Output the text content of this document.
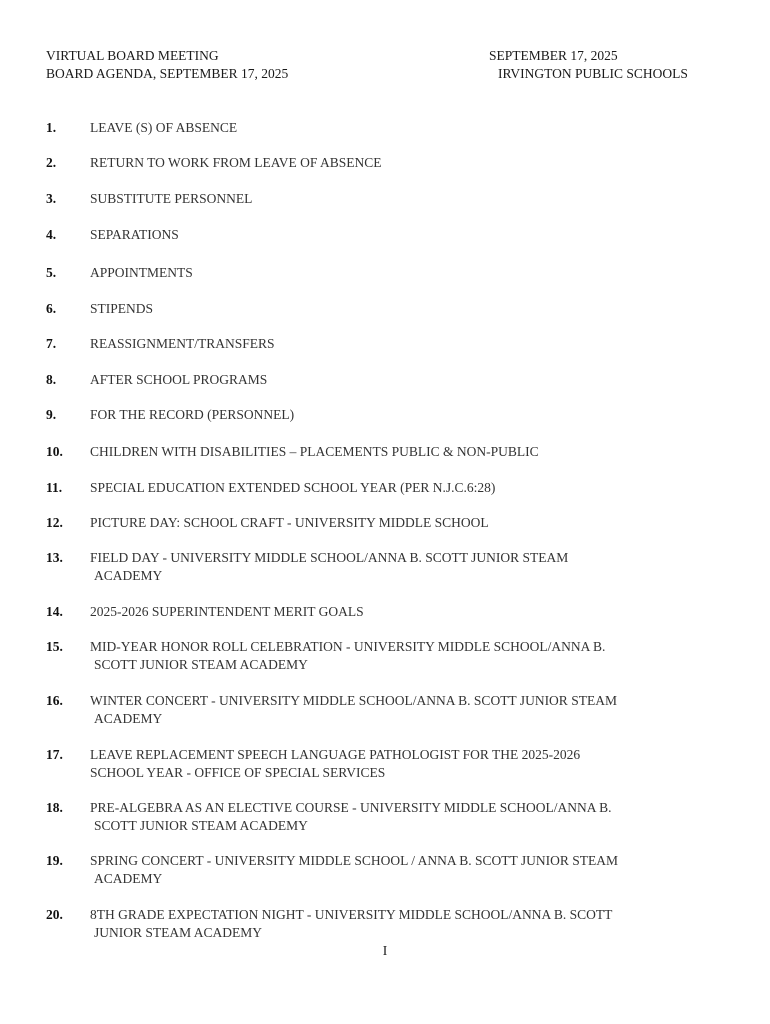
VIRTUAL BOARD MEETING
BOARD AGENDA, SEPTEMBER 17, 2025
SEPTEMBER 17, 2025
IRVINGTON PUBLIC SCHOOLS
1.	LEAVE (S) OF ABSENCE
2.	RETURN TO WORK FROM LEAVE OF ABSENCE
3.	SUBSTITUTE PERSONNEL
4.	SEPARATIONS
5.	APPOINTMENTS
6.	STIPENDS
7.	REASSIGNMENT/TRANSFERS
8.	AFTER SCHOOL PROGRAMS
9.	FOR THE RECORD (PERSONNEL)
10.	CHILDREN WITH DISABILITIES – PLACEMENTS PUBLIC & NON-PUBLIC
11.	SPECIAL EDUCATION EXTENDED SCHOOL YEAR (PER N.J.C.6:28)
12.	PICTURE DAY: SCHOOL CRAFT - UNIVERSITY MIDDLE SCHOOL
13.	FIELD DAY - UNIVERSITY MIDDLE SCHOOL/ANNA B. SCOTT JUNIOR STEAM
ACADEMY
14.	2025-2026 SUPERINTENDENT MERIT GOALS
15.	MID-YEAR HONOR ROLL CELEBRATION - UNIVERSITY MIDDLE SCHOOL/ANNA B.
SCOTT JUNIOR STEAM ACADEMY
16.	WINTER CONCERT - UNIVERSITY MIDDLE SCHOOL/ANNA B. SCOTT JUNIOR STEAM
ACADEMY
17.	LEAVE REPLACEMENT SPEECH LANGUAGE PATHOLOGIST FOR THE 2025-2026
SCHOOL YEAR - OFFICE OF SPECIAL SERVICES
18.	PRE-ALGEBRA AS AN ELECTIVE COURSE - UNIVERSITY MIDDLE SCHOOL/ANNA B.
SCOTT JUNIOR STEAM ACADEMY
19.	SPRING CONCERT - UNIVERSITY MIDDLE SCHOOL / ANNA B. SCOTT JUNIOR STEAM
ACADEMY
20.	8TH GRADE EXPECTATION NIGHT - UNIVERSITY MIDDLE SCHOOL/ANNA B. SCOTT
JUNIOR STEAM ACADEMY
I
